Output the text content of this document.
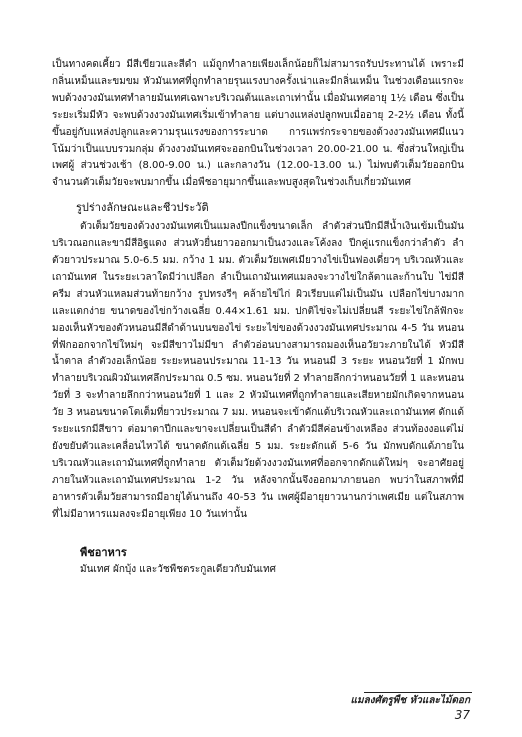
เป็นทางคดเคี้ยว มีสีเขียวและสีดำ แม้ถูกทำลายเพียงเล็กน้อยก็ไม่สามารถรับประทานได้ เพราะมีกลิ่นเหม็นและขมขม หัวมันเทศที่ถูกทำลายรุนแรงบางครั้งเน่าและมีกลิ่นเหม็น ในช่วงเดือนแรกจะพบด้วงงวงมันเทศทำลายมันเทศเฉพาะบริเวณต้นและเถาเท่านั้น เมื่อมันเทศอายุ 1½ เดือน ซึ่งเป็นระยะเริ่มมีหัว จะพบด้วงงวงมันเทศเริ่มเข้าทำลาย แต่บางแหล่งปลูกพบเมื่ออายุ 2-2½ เดือน ทั้งนี้ขึ้นอยู่กับแหล่งปลูกและความรุนแรงของการระบาด การแพร่กระจายของด้วงงวงมันเทศมีแนวโน้มว่าเป็นแบบรวมกลุ่ม ด้วงงวงมันเทศจะออกบินในช่วงเวลา 20.00-21.00 น. ซึ่งส่วนใหญ่เป็นเพศผู้ ส่วนช่วงเช้า (8.00-9.00 น.) และกลางวัน (12.00-13.00 น.) ไม่พบตัวเต็มวัยออกบิน จำนวนตัวเต็มวัยจะพบมากขึ้น เมื่อพืชอายุมากขึ้นและพบสูงสุดในช่วงเก็บเกี่ยวมันเทศ

รูปร่างลักษณะและชีวประวัติ

ตัวเต็มวัยของด้วงงวงมันเทศเป็นแมลงปีกแข็งขนาดเล็ก ลำตัวส่วนปีกมีสีน้ำเงินเข้มเป็นมันบริเวณอกและขามีสีอิฐแดง ส่วนหัวยื่นยาวออกมาเป็นงวงและโค้งลง ปีกคู่แรกแข็งกว่าลำตัว ลำตัวยาวประมาณ 5.0-6.5 มม. กว้าง 1 มม. ตัวเต็มวัยเพศเมียวางไข่เป็นฟองเดี่ยวๆ บริเวณหัวและเถามันเทศ ในระยะเวลาใดมีว่าเปลือก ลำเป็นเถามันเทศแมลงจะวางไข่ใกล้ตาและก้านใบ ไข่มีสีครีม ส่วนหัวแหลมส่วนท้ายกว้าง รูปทรงรีๆ คล้ายไข่ไก่ ผิวเรียบแต่ไม่เป็นมัน เปลือกไข่บางมากและแตกง่าย ขนาดของไข่กว้างเฉลี่ย 0.44×1.61 มม. ปกติไข่จะไม่เปลี่ยนสี ระยะไข่ใกล้ฟักจะมองเห็นหัวของตัวหนอนมีสีดำด้านบนของไข่ ระยะไข่ของด้วงงวงมันเทศประมาณ 4-5 วัน หนอนที่ฟักออกจากไข่ใหม่ๆ จะมีสีขาวไม่มีขา ลำตัวอ่อนบางสามารถมองเห็นอวัยวะภายในได้ หัวมีสีน้ำตาล ลำตัวงอเล็กน้อย ระยะหนอนประมาณ 11-13 วัน หนอนมี 3 ระยะ หนอนวัยที่ 1 มักพบทำลายบริเวณผิวมันเทศลึกประมาณ 0.5 ซม. หนอนวัยที่ 2 ทำลายลึกกว่าหนอนวัยที่ 1 และหนอนวัยที่ 3 จะทำลายลึกกว่าหนอนวัยที่ 1 และ 2 หัวมันเทศที่ถูกทำลายและเสียหายมักเกิดจากหนอนวัย 3 หนอนขนาดโตเต็มที่ยาวประมาณ 7 มม. หนอนจะเข้าดักแด้บริเวณหัวและเถามันเทศ ดักแด้ระยะแรกมีสีขาว ต่อมาตาปีกและขาจะเปลี่ยนเป็นสีดำ ลำตัวมีสีค่อนข้างเหลือง ส่วนท้องงอแต่ไม่ยังขยับตัวและเคลื่อนไหวได้ ขนาดดักแด้เฉลี่ย 5 มม. ระยะดักแด้ 5-6 วัน มักพบดักแด้ภายในบริเวณหัวและเถามันเทศที่ถูกทำลาย ตัวเต็มวัยด้วงงวงมันเทศที่ออกจากดักแด้ใหม่ๆ จะอาศัยอยู่ภายในหัวและเถามันเทศประมาณ 1-2 วัน หลังจากนั้นจึงออกมาภายนอก พบว่าในสภาพที่มีอาหารตัวเต็มวัยสามารถมีอายุได้นานถึง 40-53 วัน เพศผู้มีอายุยาวนานกว่าเพศเมีย แต่ในสภาพที่ไม่มีอาหารแมลงจะมีอายุเพียง 10 วันเท่านั้น

พืชอาหาร

มันเทศ ผักบุ้ง และวัชพืชตระกูลเดียวกับมันเทศ

แมลงศัตรูพืช หัวและไม้ดอก
37
